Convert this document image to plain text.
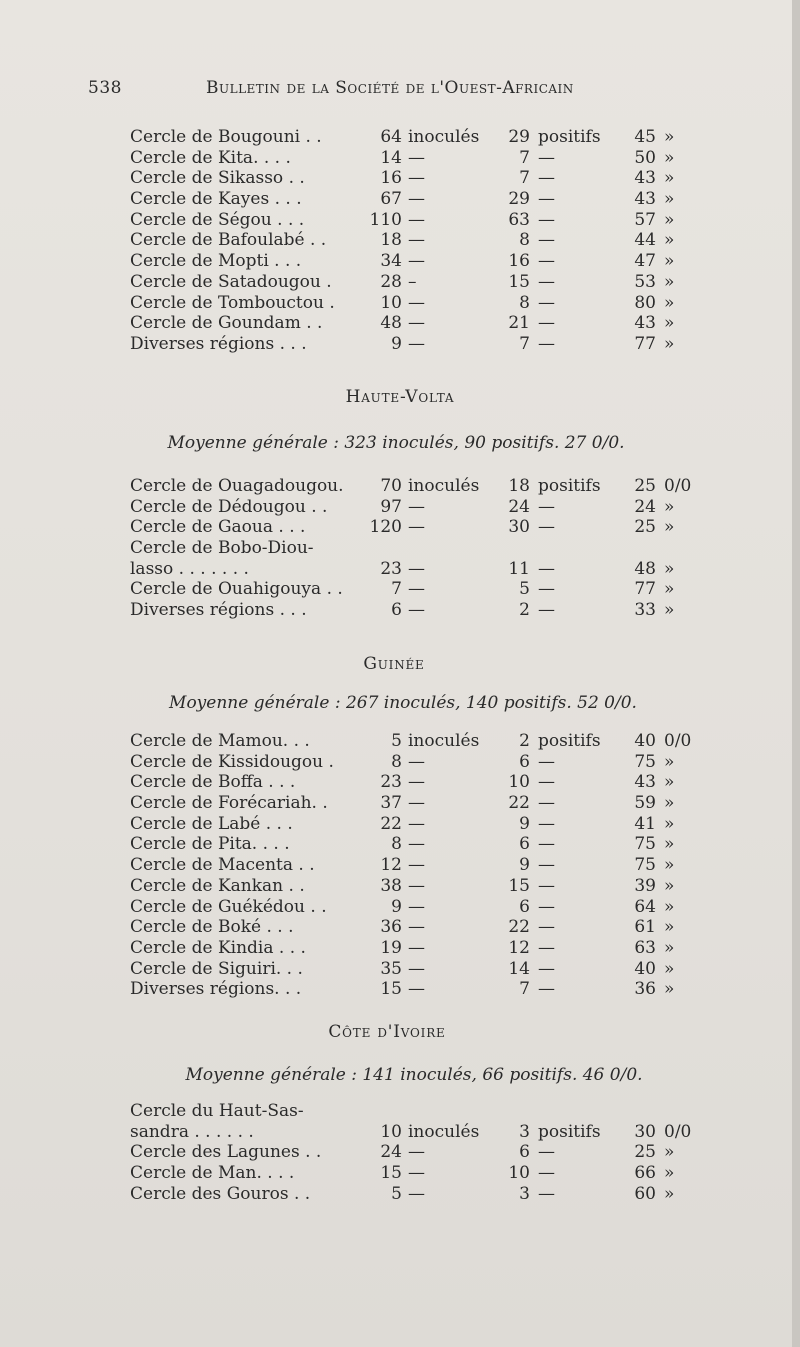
538	Bulletin de la Société de l'Ouest-Africain
Cercle de Bougouni . .	64 inoculés	29 positifs	45 »
Cercle de Kita. . . .	14 —	7 —	50 »
Cercle de Sikasso . .	16 —	7 —	43 »
Cercle de Kayes . . .	67 —	29 —	43 »
Cercle de Ségou . . .	110 —	63 —	57 »
Cercle de Bafoulabé . .	18 —	8 —	44 »
Cercle de Mopti . . .	34 —	16 —	47 »
Cercle de Satadougou .	28 –	15 —	53 »
Cercle de Tombouctou .	10 —	8 —	80 »
Cercle de Goundam . .	48 —	21 —	43 »
Diverses régions . . .	9 —	7 —	77 »
Haute-Volta
Moyenne générale : 323 inoculés, 90 positifs. 27 0/0.
Cercle de Ouagadougou.	70 inoculés	18 positifs	25 0/0
Cercle de Dédougou . .	97 —	24 —	24 »
Cercle de Gaoua . . .	120 —	30 —	25 »
Cercle de Bobo-Diou-
lasso . . . . . . .	23 —	11 —	48 »
Cercle de Ouahigouya . .	7 —	5 —	77 »
Diverses régions . . .	6 —	2 —	33 »
Guinée
Moyenne générale : 267 inoculés, 140 positifs. 52 0/0.
Cercle de Mamou. . .	5 inoculés	2 positifs	40 0/0
Cercle de Kissidougou .	8 —	6 —	75 »
Cercle de Boffa . . .	23 —	10 —	43 »
Cercle de Forécariah. .	37 —	22 —	59 »
Cercle de Labé . . .	22 —	9 —	41 »
Cercle de Pita. . . .	8 —	6 —	75 »
Cercle de Macenta . .	12 —	9 —	75 »
Cercle de Kankan . .	38 —	15 —	39 »
Cercle de Guékédou . .	9 —	6 —	64 »
Cercle de Boké . . .	36 —	22 —	61 »
Cercle de Kindia . . .	19 —	12 —	63 »
Cercle de Siguiri. . .	35 —	14 —	40 »
Diverses régions. . .	15 —	7 —	36 »
Côte d'Ivoire
Moyenne générale : 141 inoculés, 66 positifs. 46 0/0.
Cercle du Haut-Sas-
sandra . . . . . .	10 inoculés	3 positifs	30 0/0
Cercle des Lagunes . .	24 —	6 —	25 »
Cercle de Man. . . .	15 —	10 —	66 »
Cercle des Gouros . .	5 —	3 —	60 »
